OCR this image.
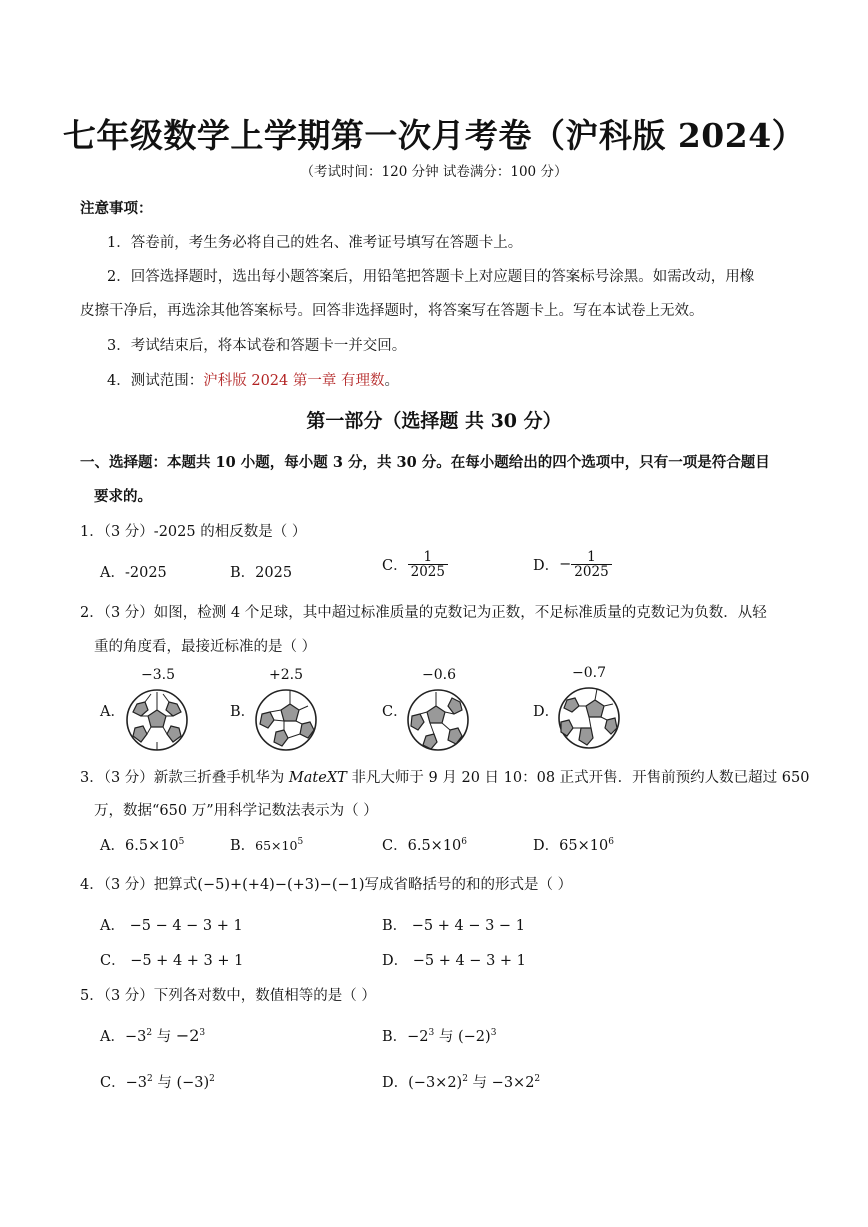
七年级数学上学期第一次月考卷（沪科版 2024）
（考试时间：120 分钟 试卷满分：100 分）
注意事项：
1．答卷前，考生务必将自己的姓名、准考证号填写在答题卡上。
2．回答选择题时，选出每小题答案后，用铅笔把答题卡上对应题目的答案标号涂黑。如需改动，用橡
皮擦干净后，再选涂其他答案标号。回答非选择题时，将答案写在答题卡上。写在本试卷上无效。
3．考试结束后，将本试卷和答题卡一并交回。
4．测试范围：沪科版 2024 第一章 有理数。
第一部分（选择题 共 30 分）
一、选择题：本题共 10 小题，每小题 3 分，共 30 分。在每小题给出的四个选项中，只有一项是符合题目
要求的。
1．（3 分）-2025 的相反数是（ ）
A．-2025	B．2025	C． $\frac{1}{2025}$	D．− $\frac{1}{2025}$
2．（3 分）如图，检测 4 个足球，其中超过标准质量的克数记为正数，不足标准质量的克数记为负数．从轻
重的角度看，最接近标准的是（ ）
−3.5	+2.5	−0.6	−0.7
A．	B．	C．	D．
3．（3 分）新款三折叠手机华为 MateXT 非凡大师于 9 月 20 日 10：08 正式开售．开售前预约人数已超过 650
万，数据“650 万”用科学记数法表示为（ ）
A．$6.5\times 10^5$	B．$65\times 10^5$	C．$6.5\times 10^6$	D．$65\times 10^6$
4．（3 分）把算式(−5)+(+4)−(+3)−(−1)写成省略括号的和的形式是（ ）
A． −5 − 4 − 3 + 1	B． −5 + 4 − 3 − 1
C． −5 + 4 + 3 + 1	D． −5 + 4 − 3 + 1
5．（3 分）下列各对数中，数值相等的是（ ）
A．$-3^2$ 与 $-2^3$	B．$-2^3$ 与 $(-2)^3$
C．$-3^2$ 与 $(-3)^2$	D．$(-3\times 2)^2$ 与 $-3\times 2^2$
